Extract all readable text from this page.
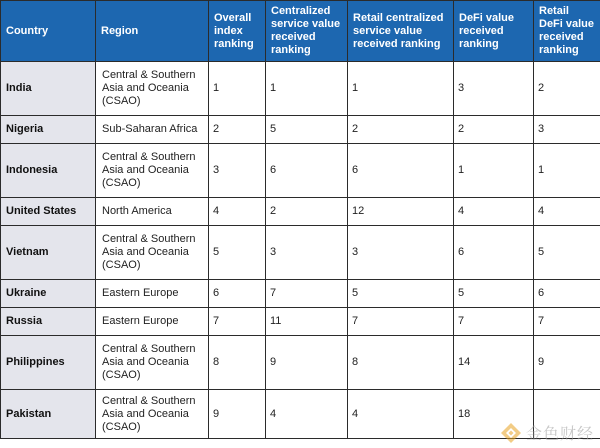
Country	Region	Overall index ranking	Centralized service value received ranking	Retail centralized service value received ranking	DeFi value received ranking	Retail DeFi value received ranking
India	Central & Southern Asia and Oceania (CSAO)	1	1	1	3	2
Nigeria	Sub-Saharan Africa	2	5	2	2	3
Indonesia	Central & Southern Asia and Oceania (CSAO)	3	6	6	1	1
United States	North America	4	2	12	4	4
Vietnam	Central & Southern Asia and Oceania (CSAO)	5	3	3	6	5
Ukraine	Eastern Europe	6	7	5	5	6
Russia	Eastern Europe	7	11	7	7	7
Philippines	Central & Southern Asia and Oceania (CSAO)	8	9	8	14	9
Pakistan	Central & Southern Asia and Oceania (CSAO)	9	4	4	18	
金色财经
